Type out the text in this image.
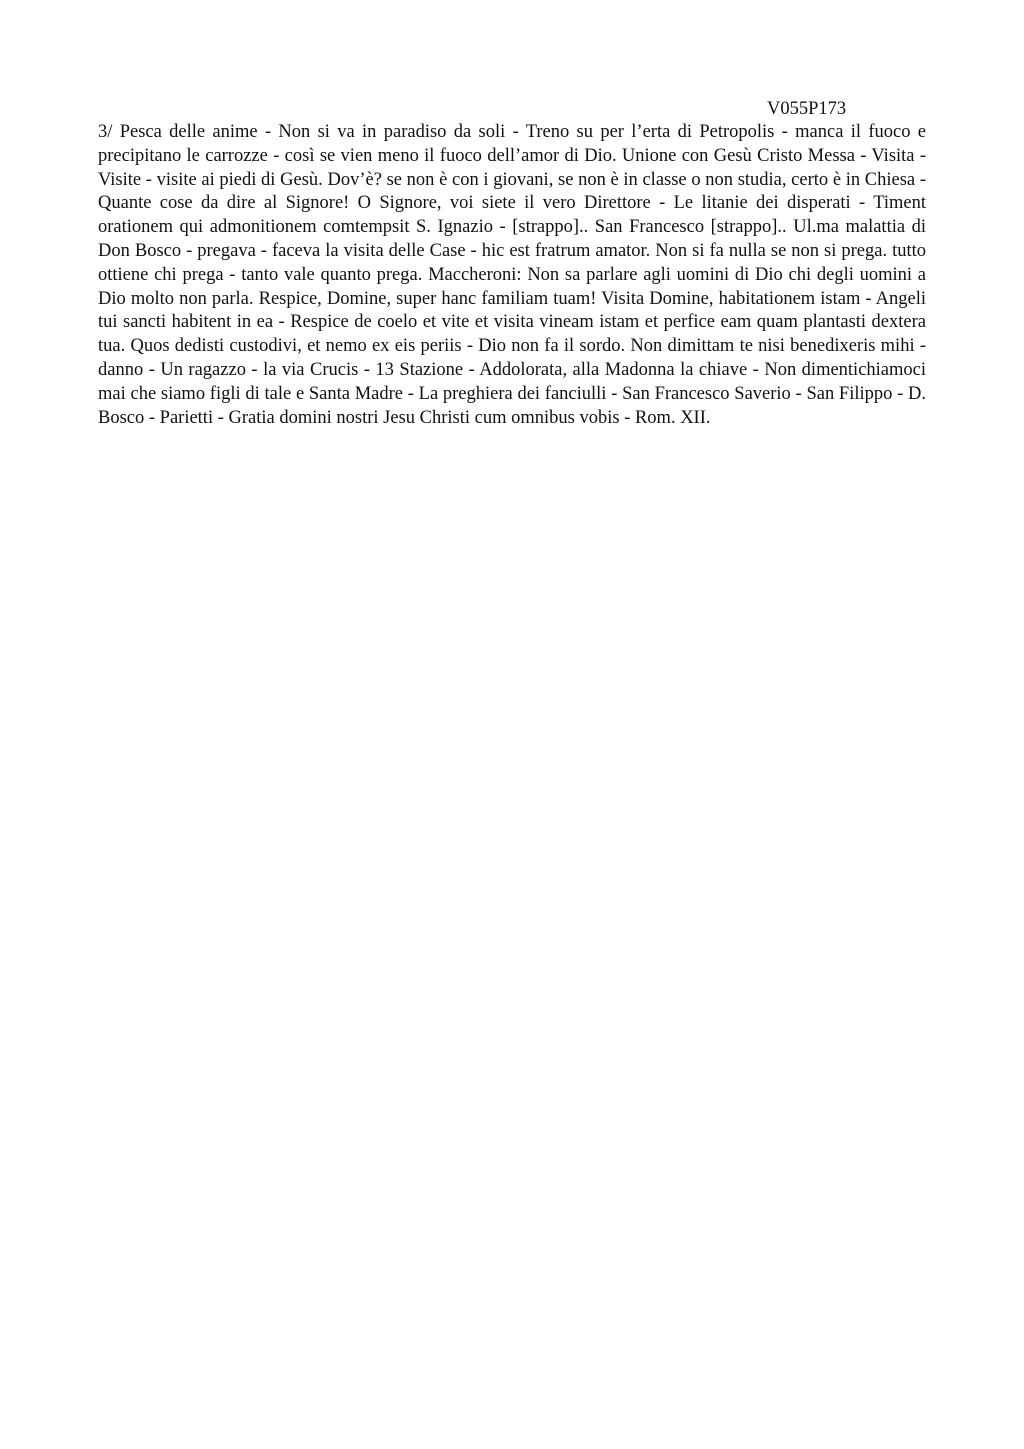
V055P173

3/ Pesca delle anime - Non si va in paradiso da soli - Treno su per l’erta di Petropolis - manca il fuoco e precipitano le carrozze - così se vien meno il fuoco dell’amor di Dio. Unione con Gesù Cristo Messa - Visita - Visite - visite ai piedi di Gesù. Dov’è? se non è con i giovani, se non è in classe o non studia, certo è in Chiesa - Quante cose da dire al Signore! O Signore, voi siete il vero Direttore - Le litanie dei disperati - Timent orationem qui admonitionem comtempsit S. Ignazio - [strappo].. San Francesco [strappo].. Ul.ma malattia di Don Bosco - pregava - faceva la visita delle Case - hic est fratrum amator. Non si fa nulla se non si prega. tutto ottiene chi prega - tanto vale quanto prega. Maccheroni: Non sa parlare agli uomini di Dio chi degli uomini a Dio molto non parla. Respice, Domine, super hanc familiam tuam! Visita Domine, habitationem istam - Angeli tui sancti habitent in ea - Respice de coelo et vite et visita vineam istam et perfice eam quam plantasti dextera tua. Quos dedisti custodivi, et nemo ex eis periis - Dio non fa il sordo. Non dimittam te nisi benedixeris mihi - danno - Un ragazzo - la via Crucis - 13 Stazione - Addolorata, alla Madonna la chiave - Non dimentichiamoci mai che siamo figli di tale e Santa Madre - La preghiera dei fanciulli - San Francesco Saverio - San Filippo - D. Bosco - Parietti - Gratia domini nostri Jesu Christi cum omnibus vobis - Rom. XII.
